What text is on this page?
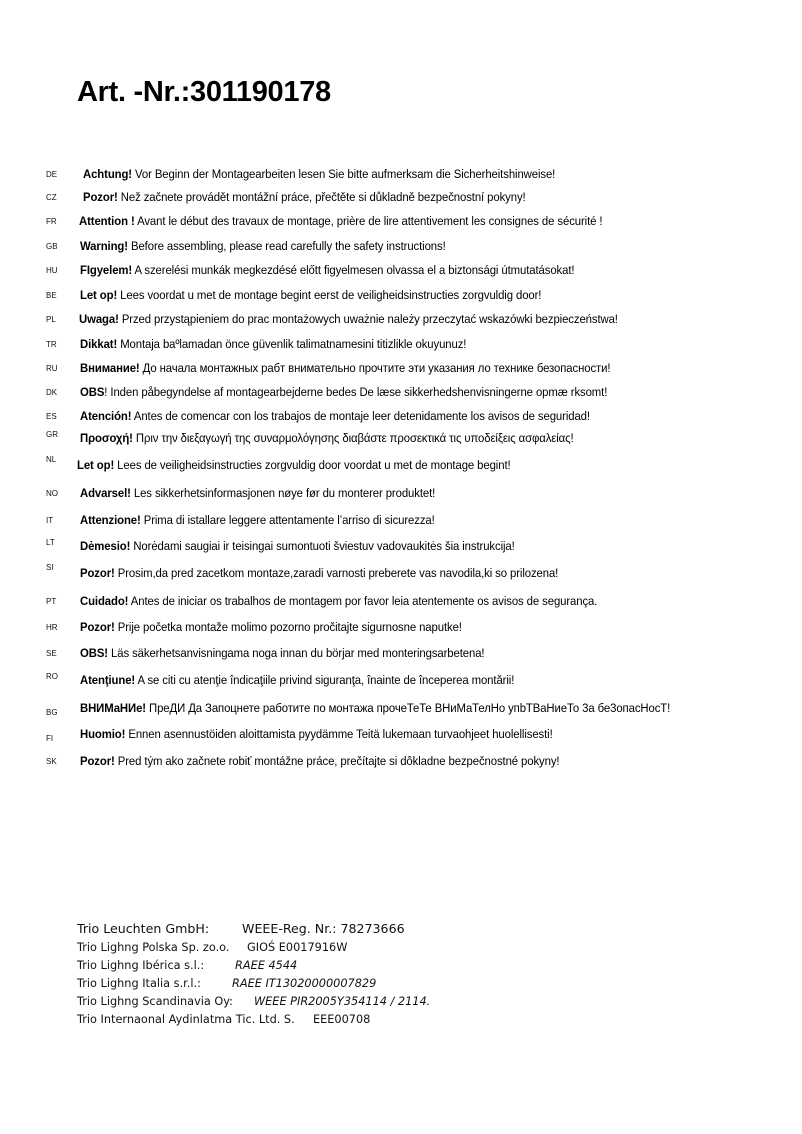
Art. -Nr.:301190178
DE	Achtung! Vor Beginn der Montagearbeiten lesen Sie bitte aufmerksam die Sicherheitshinweise!
CZ	Pozor! Než začnete provádět montážní práce, přečtěte si důkladně bezpečnostní pokyny!
FR	Attention ! Avant le début des travaux de montage, prière de lire attentivement les consignes de sécurité !
GB	Warning! Before assembling, please read carefully the safety instructions!
HU	FIgyelem! A szerelési munkák megkezdésé előtt figyelmesen olvassa el a biztonsági útmutatásokat!
BE	Let op! Lees voordat u met de montage begint eerst de veiligheidsinstructies zorgvuldig door!
PL	Uwaga! Przed przystąpieniem do prac montażowych uważnie należy przeczytać wskazówki bezpieczeństwa!
TR	Dikkat! Montaja baºlamadan önce güvenlik talimatnamesini titizlikle okuyunuz!
RU	Внимание! До начала монтажных рабт внимательно прочтите эти указания ло технике безопасности!
DK	OBS! Inden påbegyndelse af montagearbejderne bedes De læse sikkerhedshenvisningerne opmæ rksomt!
ES	Atención! Antes de comencar con los trabajos de montaje leer detenidamente los avisos de seguridad!
GR	Προσοχή! Πριν την διεξαγωγή της συναρμολόγησης διαβάστε προσεκτικά τις υποδείξεις ασφαλείας!
NL	Let op! Lees de veiligheidsinstructies zorgvuldig door voordat u met de montage begint!
NO	Advarsel! Les sikkerhetsinformasjonen nøye før du monterer produktet!
IT	Attenzione! Prima di istallare leggere attentamente l’arriso di sicurezza!
LT	Dėmesio! Norėdami saugiai ir teisingai sumontuoti šviestuv vadovaukitės šia instrukcija!
SI	Pozor! Prosim,da pred zacetkom montaze,zaradi varnosti preberete vas navodila,ki so prilozena!
PT	Cuidado! Antes de iniciar os trabalhos de montagem por favor leia atentemente os avisos de segurança.
HR	Pozor! Prije početka montaže molimo pozorno pročitajte sigurnosne naputke!
SE	OBS! Läs säkerhetsanvisningama noga innan du börjar med monteringsarbetena!
RO	Atenţiune! A se citi cu atenţie îndicaţiile privind siguranţa, înainte de începerea montării!
BG	ВНИМаНИе! ПреДИ Да Запоцнете работите по монтажа прочеТеТе ВНиМаТелНо упbТВаНиеТо 3а бе3опасНосТ!
FI	Huomio! Ennen asennustöiden aloittamista pyydämme Teitä lukemaan turvaohjeet huolellisesti!
SK	Pozor! Pred tým ako začnete robiť montážne práce, prečítajte si dôkladne bezpečnostné pokyny!
Trio Leuchten GmbH:	WEEE-Reg. Nr.: 78273666
Trio Lighng Polska Sp. zo.o. GIOŚ E0017916W
Trio Lighng Ibérica s.l.:	RAEE 4544
Trio Lighng Italia s.r.l.:	RAEE IT13020000007829
Trio Lighng Scandinavia Oy: WEEE PIR2005Y354114 / 2114.
Trio Internaonal Aydinlatma Tic. Ltd. S. EEE00708
